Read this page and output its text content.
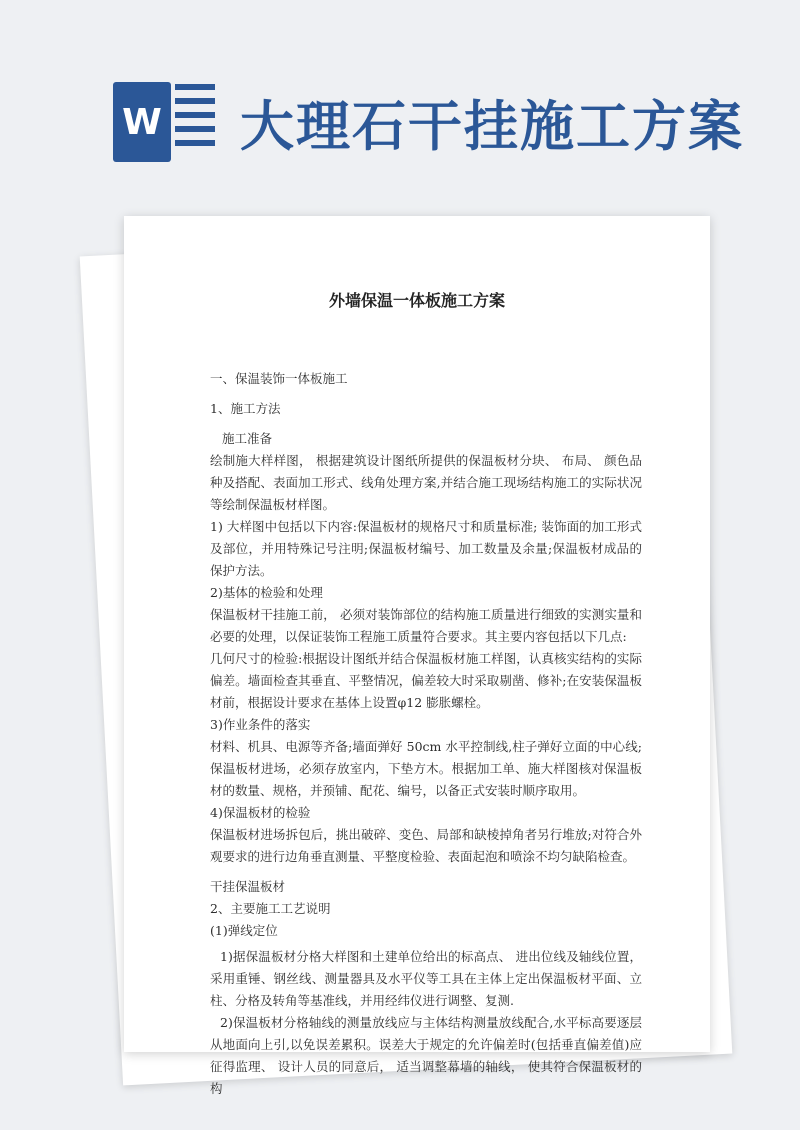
W 大理石干挂施工方案
外墙保温一体板施工方案

一、保温装饰一体板施工

1、施工方法

施工准备

绘制施大样样图， 根据建筑设计图纸所提供的保温板材分块、 布局、 颜色品种及搭配、表面加工形式、线角处理方案,并结合施工现场结构施工的实际状况等绘制保温板材样图。

1) 大样图中包括以下内容:保温板材的规格尺寸和质量标准; 装饰面的加工形式及部位，并用特殊记号注明;保温板材编号、加工数量及余量;保温板材成品的保护方法。

2)基体的检验和处理

保温板材干挂施工前， 必须对装饰部位的结构施工质量进行细致的实测实量和必要的处理，以保证装饰工程施工质量符合要求。其主要内容包括以下几点:

几何尺寸的检验:根据设计图纸并结合保温板材施工样图，认真核实结构的实际偏差。墙面检查其垂直、平整情况，偏差较大时采取剔凿、修补;在安装保温板材前，根据设计要求在基体上设置φ12 膨胀螺栓。

3)作业条件的落实

材料、机具、电源等齐备;墙面弹好 50cm 水平控制线,柱子弹好立面的中心线;保温板材进场，必须存放室内，下垫方木。根据加工单、施大样图核对保温板材的数量、规格，并预铺、配花、编号，以备正式安装时顺序取用。

4)保温板材的检验

保温板材进场拆包后，挑出破碎、变色、局部和缺棱掉角者另行堆放;对符合外观要求的进行边角垂直测量、平整度检验、表面起泡和喷涂不均匀缺陷检查。

干挂保温板材

2、主要施工工艺说明

(1)弹线定位

1)据保温板材分格大样图和土建单位给出的标高点、 进出位线及轴线位置， 采用重锤、钢丝线、测量器具及水平仪等工具在主体上定出保温板材平面、立柱、分格及转角等基准线，并用经纬仪进行调整、复测.

2)保温板材分格轴线的测量放线应与主体结构测量放线配合,水平标高要逐层从地面向上引,以免误差累积。误差大于规定的允许偏差时(包括垂直偏差值)应征得监理、 设计人员的同意后， 适当调整幕墙的轴线， 使其符合保温板材的构
